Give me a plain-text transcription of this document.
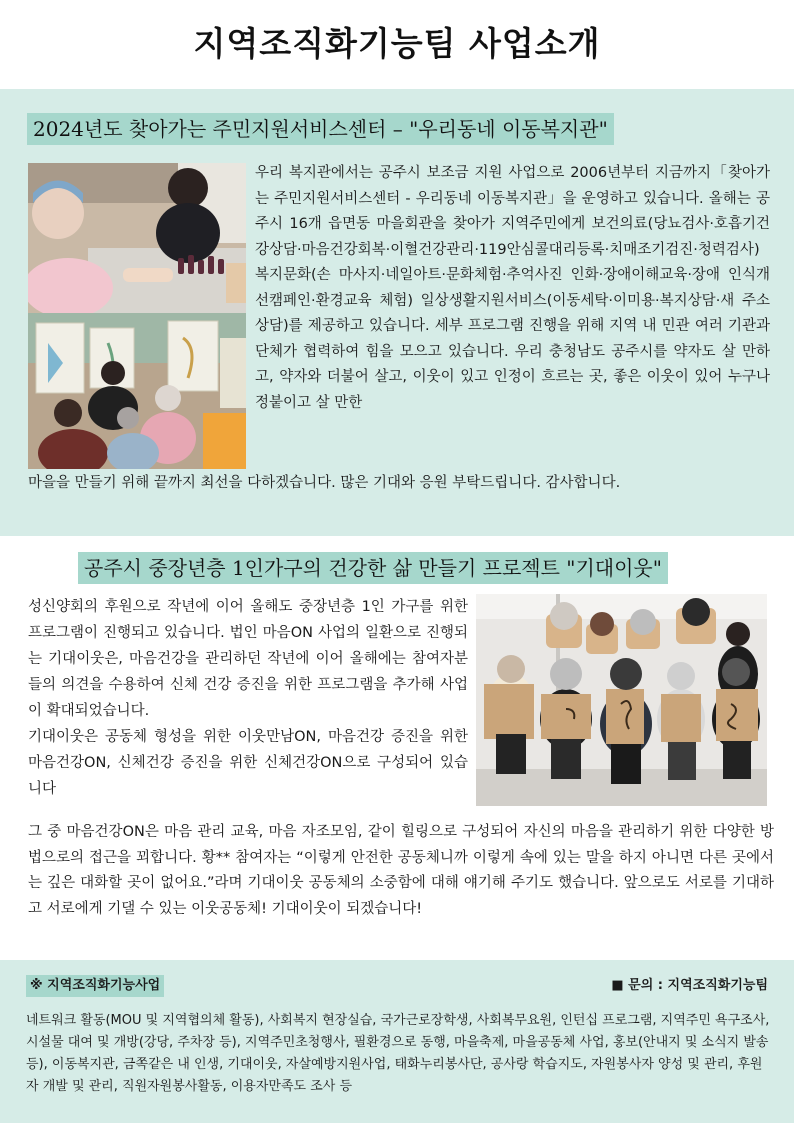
지역조직화기능팀 사업소개
2024년도 찾아가는 주민지원서비스센터 – "우리동네 이동복지관"
우리 복지관에서는 공주시 보조금 지원 사업으로 2006년부터 지금까지「찾아가는 주민지원서비스센터 - 우리동네 이동복지관」을 운영하고 있습니다. 올해는 공주시 16개 읍면동 마을회관을 찾아가 지역주민에게 보건의료(당뇨검사·호흡기건강상담·마음건강회복·이혈건강관리·119안심콜대리등록·치매조기검진·청력검사) 복지문화(손 마사지·네일아트·문화체험·추억사진 인화·장애이해교육·장애 인식개선캠페인·환경교육 체험) 일상생활지원서비스(이동세탁·이미용·복지상담·새 주소 상담)를 제공하고 있습니다. 세부 프로그램 진행을 위해 지역 내 민관 여러 기관과 단체가 협력하여 힘을 모으고 있습니다. 우리 충청남도 공주시를 약자도 살 만하고, 약자와 더불어 살고, 이웃이 있고 인정이 흐르는 곳, 좋은 이웃이 있어 누구나 정붙이고 살 만한
마을을 만들기 위해 끝까지 최선을 다하겠습니다. 많은 기대와 응원 부탁드립니다. 감사합니다.
공주시 중장년층 1인가구의 건강한 삶 만들기 프로젝트 "기대이웃"

성신양회의 후원으로 작년에 이어 올해도 중장년층 1인 가구를 위한 프로그램이 진행되고 있습니다. 법인 마음ON 사업의 일환으로 진행되는 기대이웃은, 마음건강을 관리하던 작년에 이어 올해에는 참여자분들의 의견을 수용하여 신체 건강 증진을 위한 프로그램을 추가해 사업이 확대되었습니다.

기대이웃은 공동체 형성을 위한 이웃만남ON, 마음건강 증진을 위한 마음건강ON, 신체건강 증진을 위한 신체건강ON으로 구성되어 있습니다

그 중 마음건강ON은 마음 관리 교육, 마음 자조모임, 같이 힐링으로 구성되어 자신의 마음을 관리하기 위한 다양한 방법으로의 접근을 꾀합니다. 황** 참여자는 “이렇게 안전한 공동체니까 이렇게 속에 있는 말을 하지 아니면 다른 곳에서는 깊은 대화할 곳이 없어요.”라며 기대이웃 공동체의 소중함에 대해 얘기해 주기도 했습니다. 앞으로도 서로를 기대하고 서로에게 기댈 수 있는 이웃공동체! 기대이웃이 되겠습니다!
※ 지역조직화기능사업	■ 문의 : 지역조직화기능팀
네트워크 활동(MOU 및 지역협의체 활동), 사회복지 현장실습, 국가근로장학생, 사회복무요원, 인턴십 프로그램, 지역주민 욕구조사, 시설물 대여 및 개방(강당, 주차장 등), 지역주민초청행사, 필환경으로 동행, 마을축제, 마을공동체 사업, 홍보(안내지 및 소식지 발송 등), 이동복지관, 금쪽같은 내 인생, 기대이웃, 자살예방지원사업, 태화누리봉사단, 공사랑 학습지도, 자원봉사자 양성 및 관리, 후원자 개발 및 관리, 직원자원봉사활동, 이용자만족도 조사 등
